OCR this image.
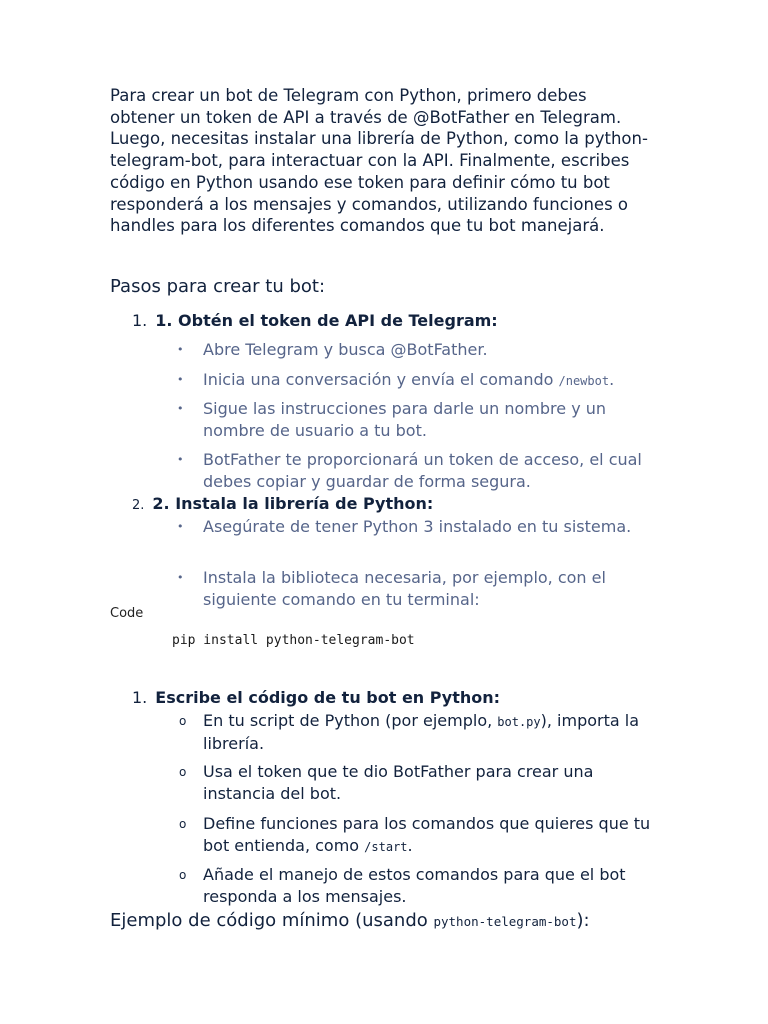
Para crear un bot de Telegram con Python, primero debes obtener un token de API a través de @BotFather en Telegram. Luego, necesitas instalar una librería de Python, como la python-telegram-bot, para interactuar con la API. Finalmente, escribes código en Python usando ese token para definir cómo tu bot responderá a los mensajes y comandos, utilizando funciones o handles para los diferentes comandos que tu bot manejará.

Pasos para crear tu bot:
1. 1. Obtén el token de API de Telegram:
• Abre Telegram y busca @BotFather.
• Inicia una conversación y envía el comando /newbot.
• Sigue las instrucciones para darle un nombre y un nombre de usuario a tu bot.
• BotFather te proporcionará un token de acceso, el cual debes copiar y guardar de forma segura.
2. 2. Instala la librería de Python:
• Asegúrate de tener Python 3 instalado en tu sistema.
• Instala la biblioteca necesaria, por ejemplo, con el siguiente comando en tu terminal:
Code
pip install python-telegram-bot
1. Escribe el código de tu bot en Python:
o En tu script de Python (por ejemplo, bot.py), importa la librería.
o Usa el token que te dio BotFather para crear una instancia del bot.
o Define funciones para los comandos que quieres que tu bot entienda, como /start.
o Añade el manejo de estos comandos para que el bot responda a los mensajes.
Ejemplo de código mínimo (usando python-telegram-bot):
